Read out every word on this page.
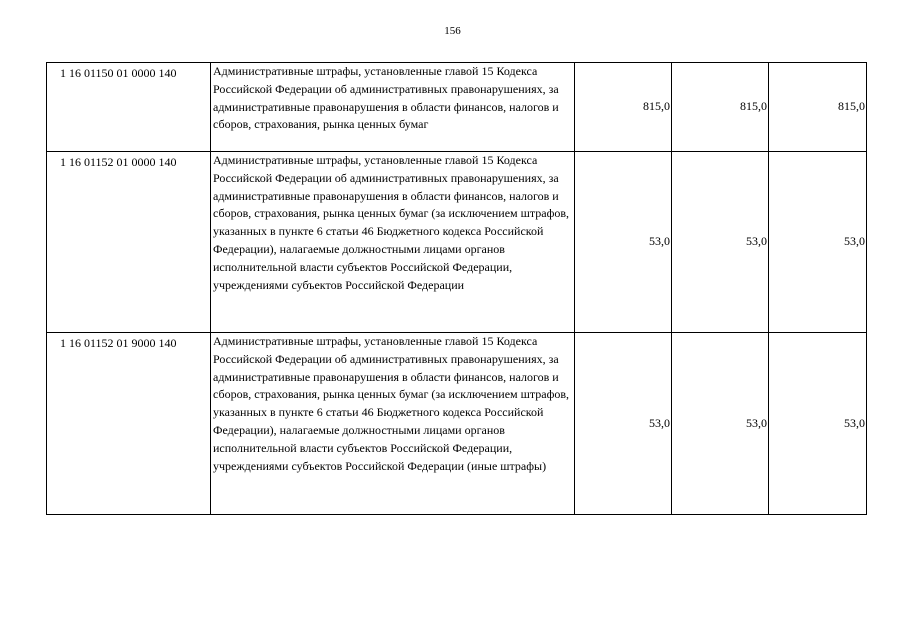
156
1 16 01150 01 0000 140	Административные штрафы, установленные главой 15 Кодекса Российской Федерации об административных правонарушениях, за административные правонарушения в области финансов, налогов и сборов, страхования, рынка ценных бумаг	815,0	815,0	815,0
1 16 01152 01 0000 140	Административные штрафы, установленные главой 15 Кодекса Российской Федерации об административных правонарушениях, за административные правонарушения в области финансов, налогов и сборов, страхования, рынка ценных бумаг (за исключением штрафов, указанных в пункте 6 статьи 46 Бюджетного кодекса Российской Федерации), налагаемые должностными лицами органов исполнительной власти субъектов Российской Федерации, учреждениями субъектов Российской Федерации	53,0	53,0	53,0
1 16 01152 01 9000 140	Административные штрафы, установленные главой 15 Кодекса Российской Федерации об административных правонарушениях, за административные правонарушения в области финансов, налогов и сборов, страхования, рынка ценных бумаг (за исключением штрафов, указанных в пункте 6 статьи 46 Бюджетного кодекса Российской Федерации), налагаемые должностными лицами органов исполнительной власти субъектов Российской Федерации, учреждениями субъектов Российской Федерации (иные штрафы)	53,0	53,0	53,0
